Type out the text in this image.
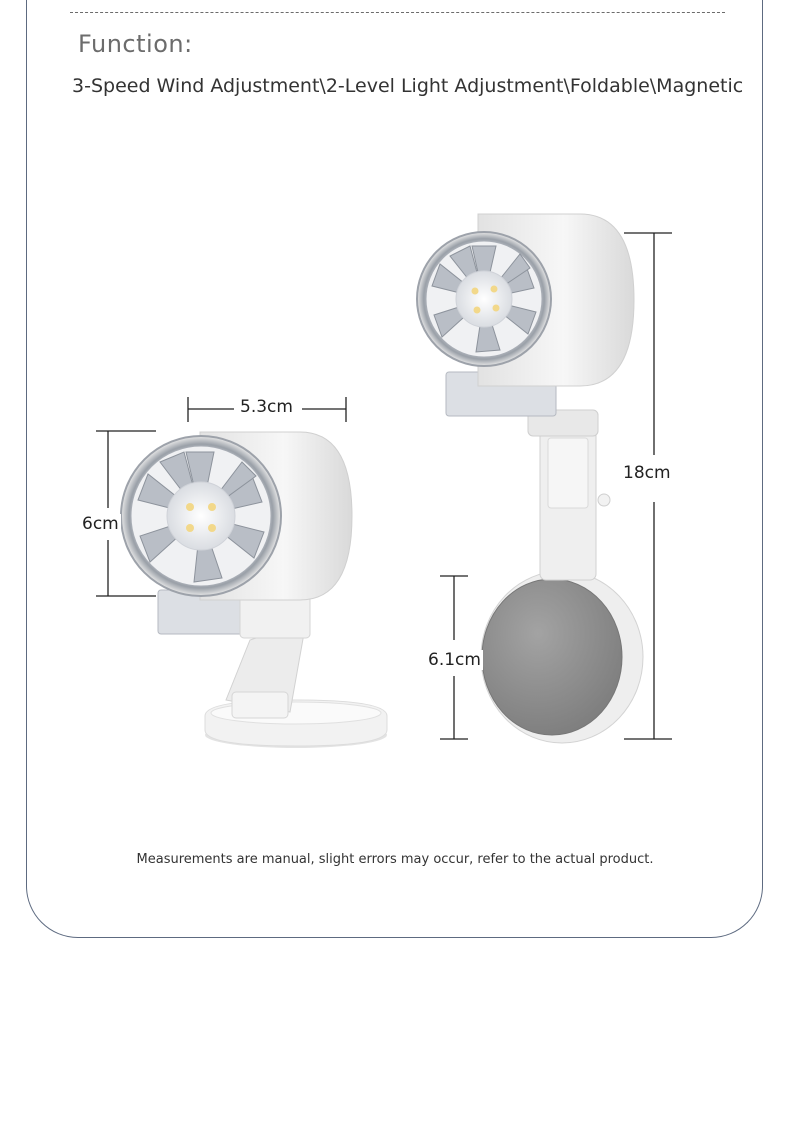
Function:
3-Speed Wind Adjustment\2-Level Light Adjustment\Foldable\Magnetic
5.3cm
6cm
18cm
6.1cm
Measurements are manual, slight errors may occur, refer to the actual product.
